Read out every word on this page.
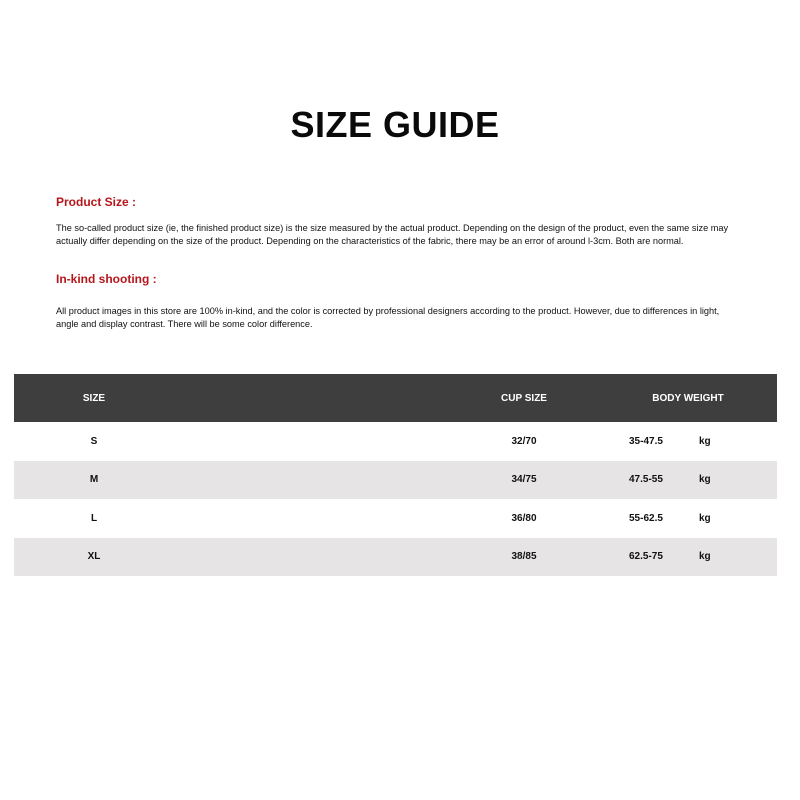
SIZE GUIDE
Product Size :

The so-called product size (ie, the finished product size) is the size measured by the actual product. Depending on the design of the product, even the same size may actually differ depending on the size of the product. Depending on the characteristics of the fabric, there may be an error of around l-3cm. Both are normal.

In-kind shooting :

All product images in this store are 100% in-kind, and the color is corrected by professional designers according to the product. However, due to differences in light, angle and display contrast. There will be some color difference.

SIZE	CUP SIZE	BODY WEIGHT
S	32/70	35-47.5	kg
M	34/75	47.5-55	kg
L	36/80	55-62.5	kg
XL	38/85	62.5-75	kg
